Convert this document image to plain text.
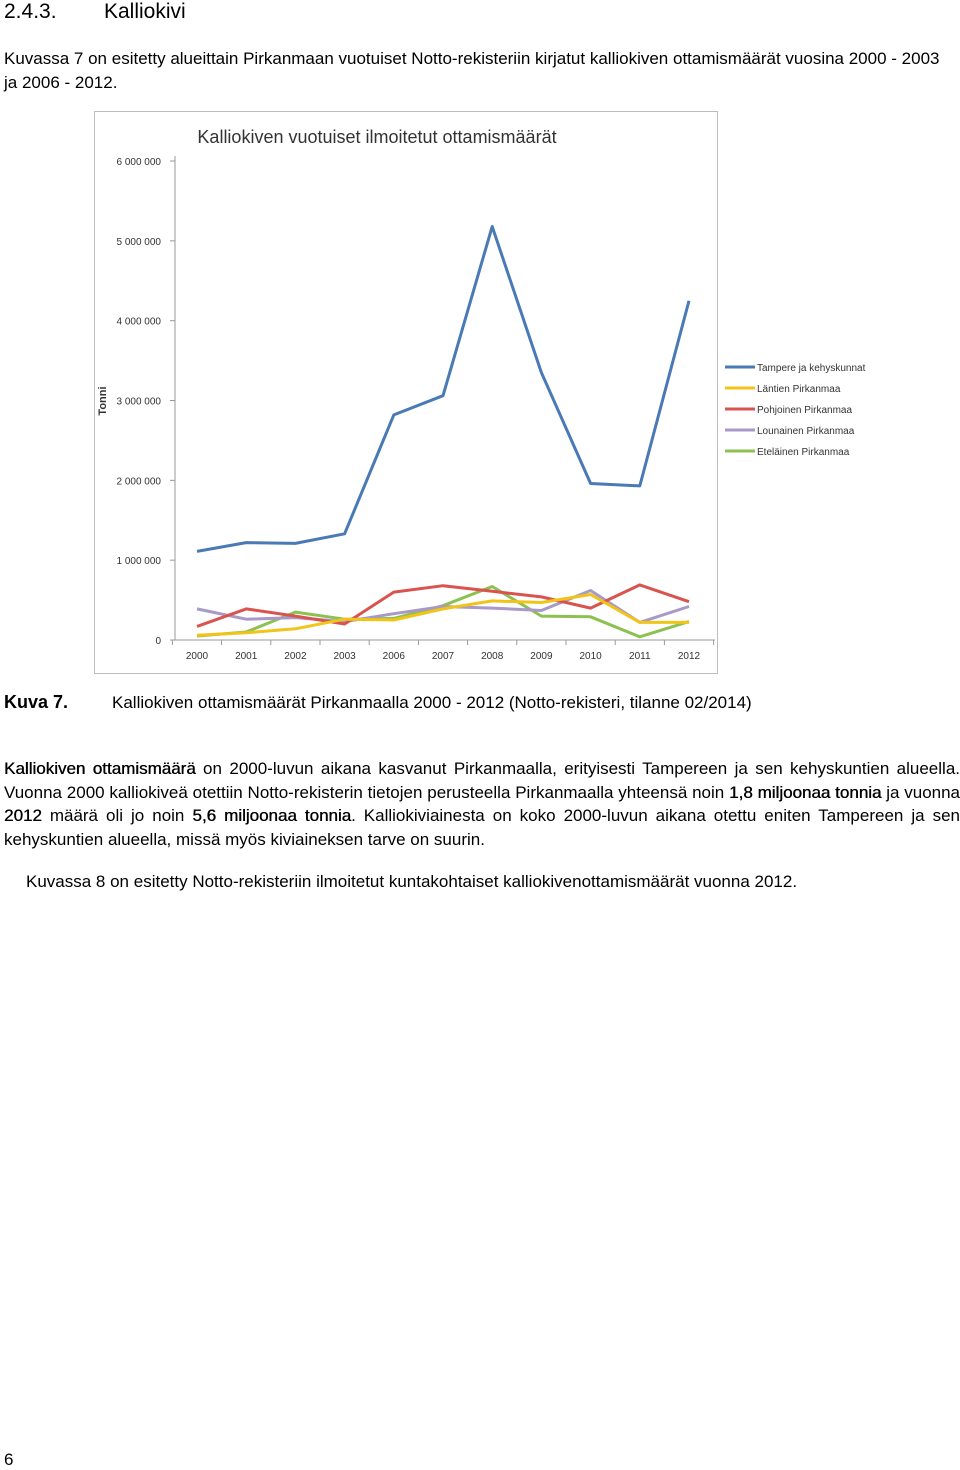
2.4.3. Kalliokivi
Kuvassa 7 on esitetty alueittain Pirkanmaan vuotuiset Notto-rekisteriin kirjatut kalliokiven ottamismäärät vuosina 2000 - 2003 ja 2006 - 2012.
Kalliokiven vuotuiset ilmoitetut ottamismäärät
Tonni
0
1 000 000
2 000 000
3 000 000
4 000 000
5 000 000
6 000 000
2000	2001	2002	2003	2006	2007	2008	2009	2010	2011	2012
Tampere ja kehyskunnat
Läntien Pirkanmaa
Pohjoinen Pirkanmaa
Lounainen Pirkanmaa
Eteläinen Pirkanmaa
Kuva 7.	Kalliokiven ottamismäärät Pirkanmaalla 2000 - 2012 (Notto-rekisteri, tilanne 02/2014)
Kalliokiven ottamismäärä on 2000-luvun aikana kasvanut Pirkanmaalla, erityisesti Tampereen ja sen kehyskuntien alueella. Vuonna 2000 kalliokiveä otettiin Notto-rekisterin tietojen perusteella Pirkanmaalla yhteensä noin 1,8 miljoonaa tonnia ja vuonna 2012 määrä oli jo noin 5,6 miljoonaa tonnia. Kalliokiviainesta on koko 2000-luvun aikana otettu eniten Tampereen ja sen kehyskuntien alueella, missä myös kiviaineksen tarve on suurin.
Kuvassa 8 on esitetty Notto-rekisteriin ilmoitetut kuntakohtaiset kalliokivenottamismäärät vuonna 2012.
6
